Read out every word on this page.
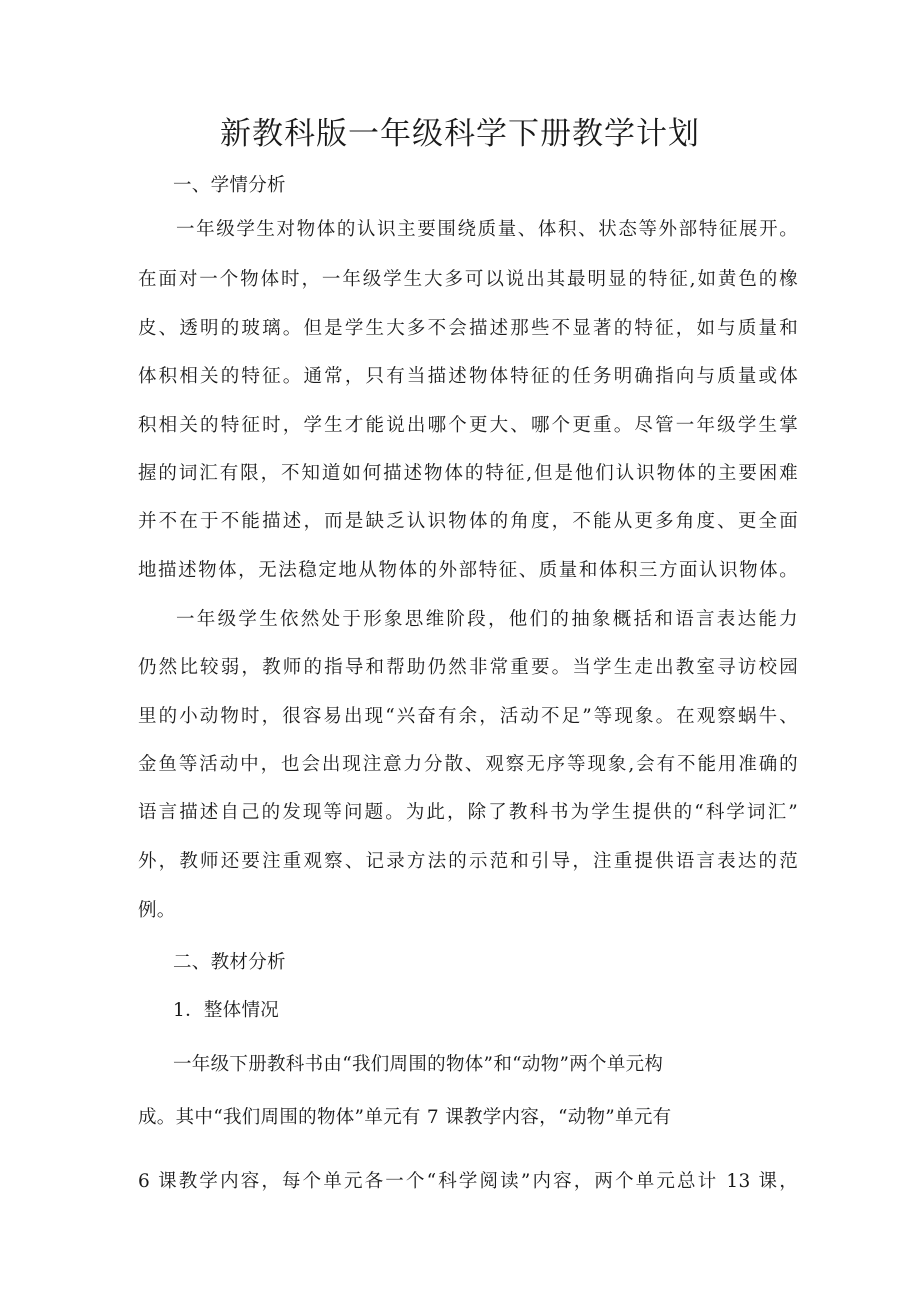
新教科版一年级科学下册教学计划
一、学情分析
一年级学生对物体的认识主要围绕质量、体积、状态等外部特征展开。
在面对一个物体时，一年级学生大多可以说出其最明显的特征,如黄色的橡
皮、透明的玻璃。但是学生大多不会描述那些不显著的特征，如与质量和
体积相关的特征。通常，只有当描述物体特征的任务明确指向与质量或体
积相关的特征时，学生才能说出哪个更大、哪个更重。尽管一年级学生掌
握的词汇有限，不知道如何描述物体的特征,但是他们认识物体的主要困难
并不在于不能描述，而是缺乏认识物体的角度，不能从更多角度、更全面
地描述物体，无法稳定地从物体的外部特征、质量和体积三方面认识物体。
一年级学生依然处于形象思维阶段，他们的抽象概括和语言表达能力
仍然比较弱，教师的指导和帮助仍然非常重要。当学生走出教室寻访校园
里的小动物时，很容易出现“兴奋有余，活动不足”等现象。在观察蜗牛、
金鱼等活动中，也会出现注意力分散、观察无序等现象,会有不能用准确的
语言描述自己的发现等问题。为此，除了教科书为学生提供的“科学词汇”
外，教师还要注重观察、记录方法的示范和引导，注重提供语言表达的范
例。
二、教材分析
1．整体情况
一年级下册教科书由“我们周围的物体”和“动物”两个单元构
成。其中“我们周围的物体”单元有 7 课教学内容，“动物”单元有
6 课教学内容，每个单元各一个“科学阅读”内容，两个单元总计 13 课，
